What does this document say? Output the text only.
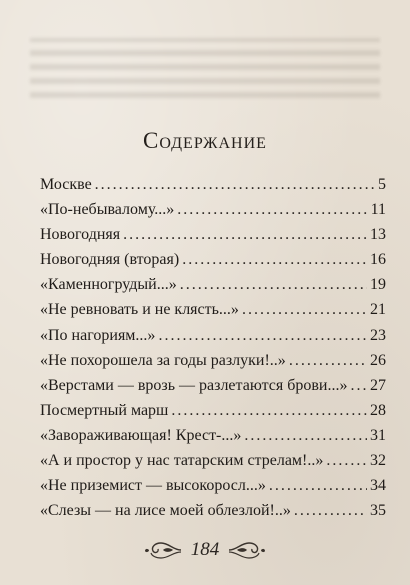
Содержание
Москве .....	5
«По-небывалому...» .....	11
Новогодняя .....	13
Новогодняя (вторая) .....	16
«Каменногрудый...» .....	19
«Не ревновать и не клясть...» .....	21
«По нагориям...» .....	23
«Не похорошела за годы разлуки!..» .....	26
«Верстами — врозь — разлетаются брови...» ..... 27
Посмертный марш .....	28
«Завораживающая! Крест-...» .....	31
«А и простор у нас татарским стрелам!..» .....	32
«Не приземист — высокоросл...» .....	34
«Слезы — на лисе моей облезлой!..» .....	35
184
